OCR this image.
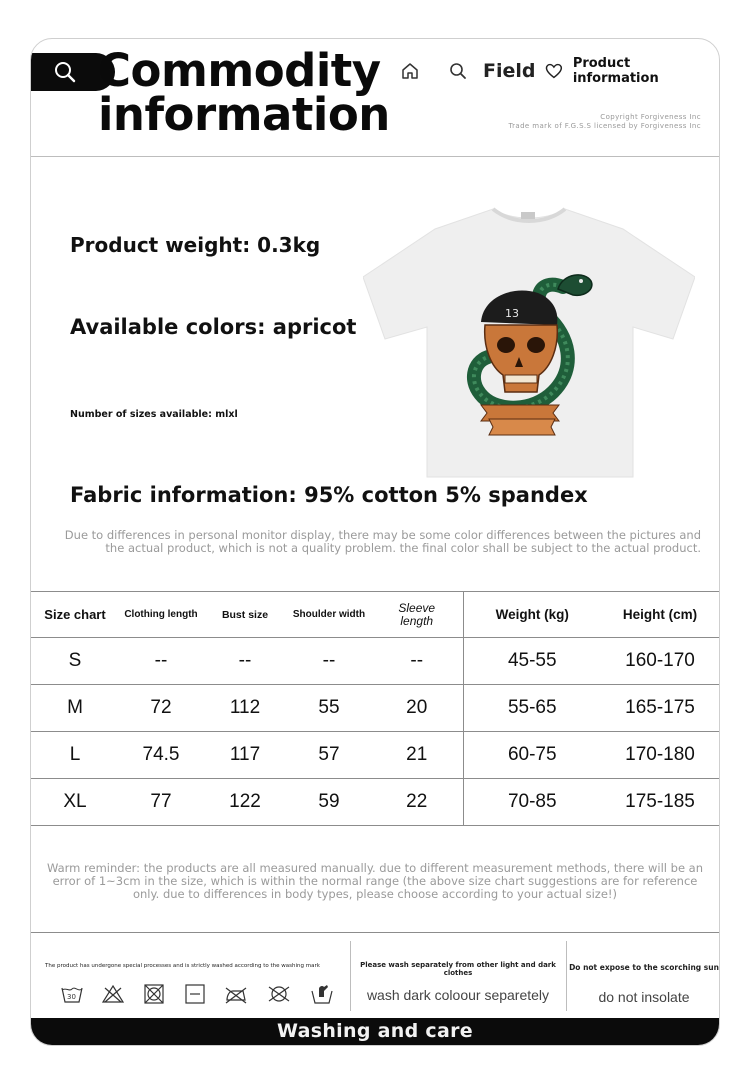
Commodity
information
Field	Product information
Copyright Forgiveness Inc
Trade mark of F.G.S.S licensed by Forgiveness Inc
Product weight: 0.3kg
Available colors: apricot
Number of sizes available: mlxl
13
Fabric information: 95% cotton 5% spandex
Due to differences in personal monitor display, there may be some color differences between the pictures and
the actual product, which is not a quality problem. the final color shall be subject to the actual product.
Size chart	Clothing length	Bust size	Shoulder width	Sleeve length	Weight (kg)	Height (cm)
S	--	--	--	--	45-55	160-170
M	72	112	55	20	55-65	165-175
L	74.5	117	57	21	60-75	170-180
XL	77	122	59	22	70-85	175-185
Warm reminder: the products are all measured manually. due to different measurement methods, there will be an
error of 1~3cm in the size, which is within the normal range (the above size chart suggestions are for reference
only. due to differences in body types, please choose according to your actual size!)
The product has undergone special processes and is strictly washed according to the washing mark
30
Please wash separately from other light and dark clothes
wash dark coloour separetely
Do not expose to the scorching sun
do not insolate
Washing and care
